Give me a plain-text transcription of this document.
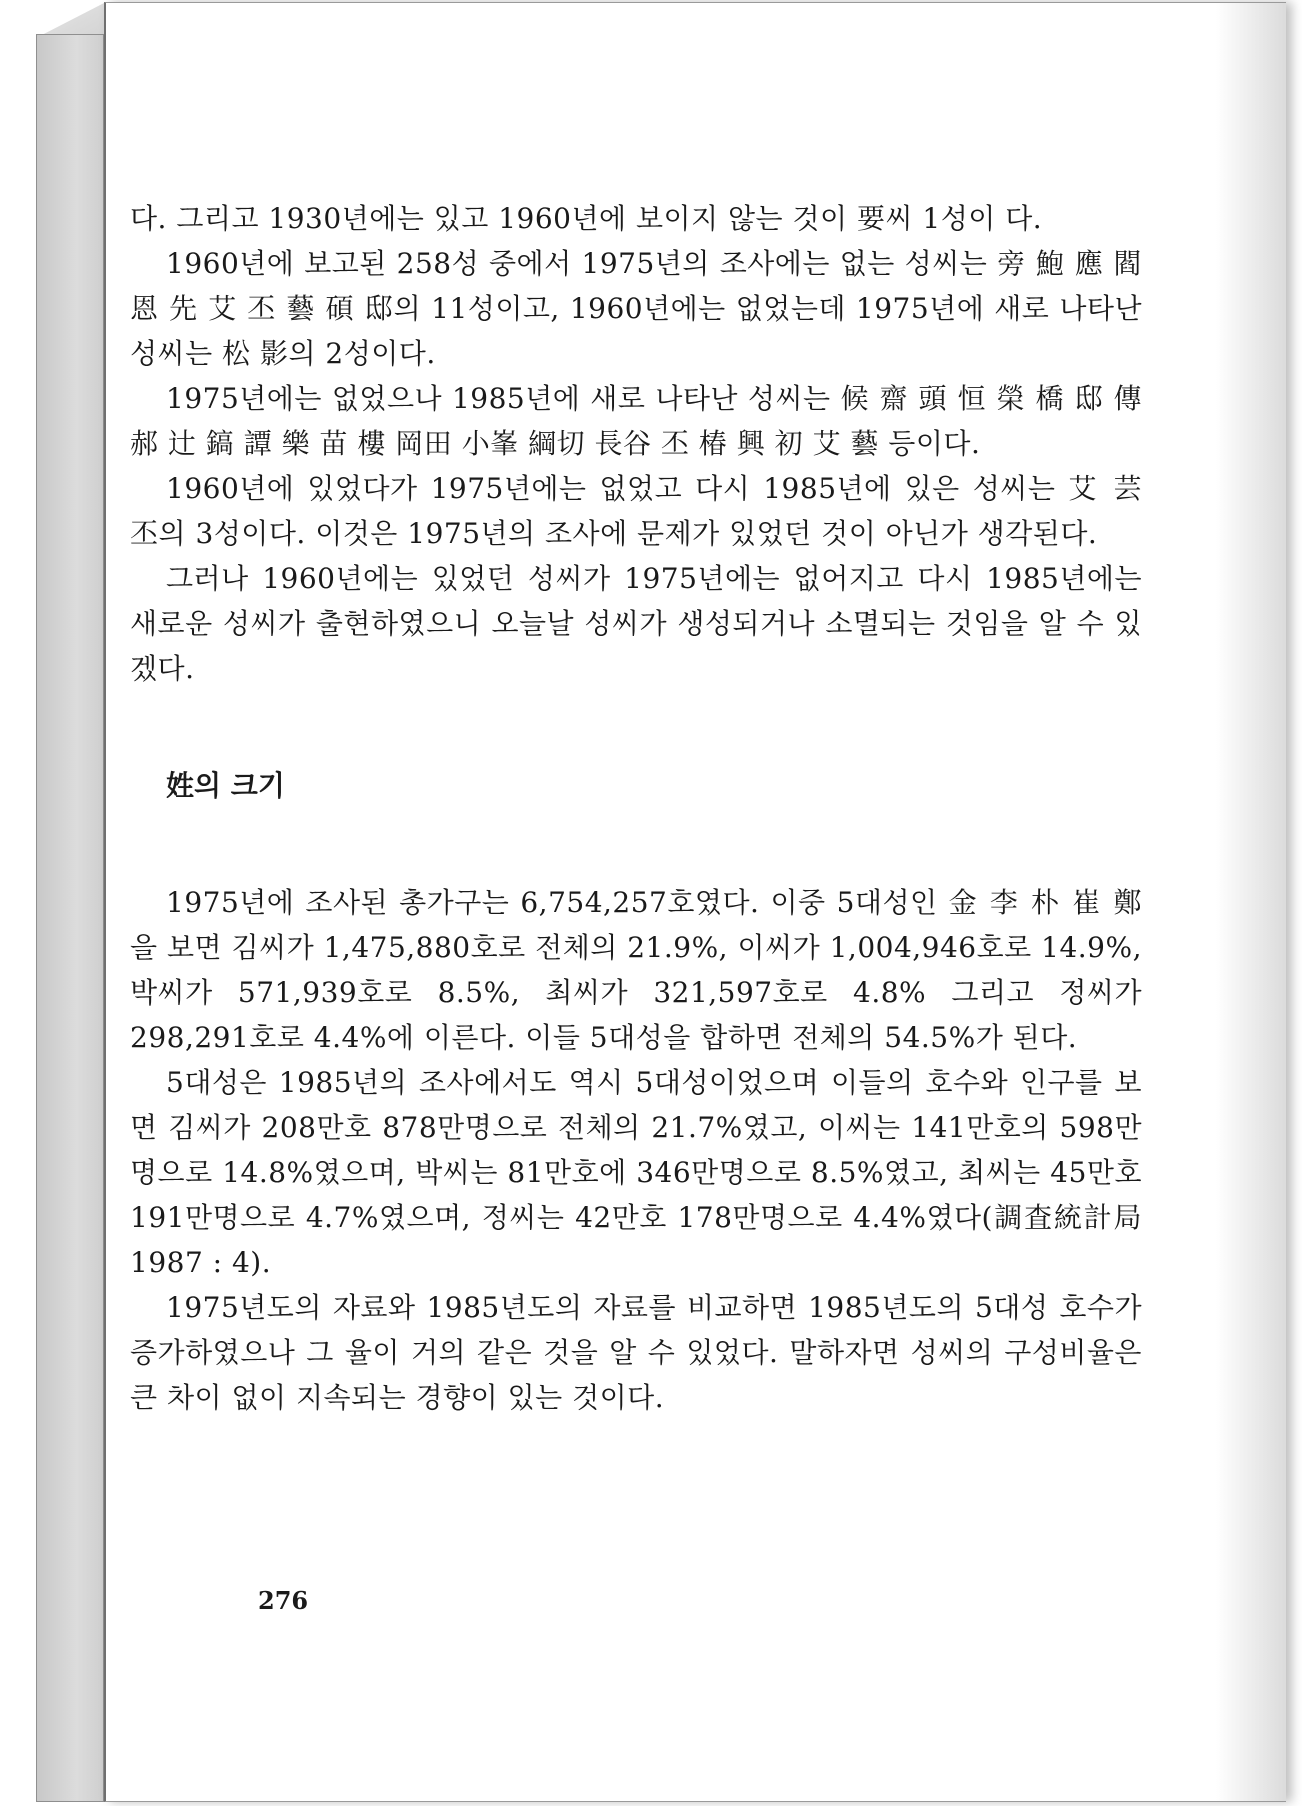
다. 그리고 1930년에는 있고 1960년에 보이지 않는 것이 要씨 1성이 다.

1960년에 보고된 258성 중에서 1975년의 조사에는 없는 성씨는 旁 鮑 應 閻 恩 先 艾 丕 藝 碩 邸의 11성이고, 1960년에는 없었는데 1975년에 새로 나타난 성씨는 松 影의 2성이다.

1975년에는 없었으나 1985년에 새로 나타난 성씨는 候 齋 頭 恒 榮 橋 邸 傳 郝 辻 鎬 譚 樂 苗 樓 岡田 小峯 綱切 長谷 丕 椿 興 初 艾 藝 등이다.

1960년에 있었다가 1975년에는 없었고 다시 1985년에 있은 성씨는 艾 芸 丕의 3성이다. 이것은 1975년의 조사에 문제가 있었던 것이 아닌가 생각된다.

그러나 1960년에는 있었던 성씨가 1975년에는 없어지고 다시 1985년에는 새로운 성씨가 출현하였으니 오늘날 성씨가 생성되거나 소멸되는 것임을 알 수 있겠다.

姓의 크기

1975년에 조사된 총가구는 6,754,257호였다. 이중 5대성인 金 李 朴 崔 鄭을 보면 김씨가 1,475,880호로 전체의 21.9%, 이씨가 1,004,946호로 14.9%, 박씨가 571,939호로 8.5%, 최씨가 321,597호로 4.8% 그리고 정씨가 298,291호로 4.4%에 이른다. 이들 5대성을 합하면 전체의 54.5%가 된다.

5대성은 1985년의 조사에서도 역시 5대성이었으며 이들의 호수와 인구를 보면 김씨가 208만호 878만명으로 전체의 21.7%였고, 이씨는 141만호의 598만명으로 14.8%였으며, 박씨는 81만호에 346만명으로 8.5%였고, 최씨는 45만호 191만명으로 4.7%였으며, 정씨는 42만호 178만명으로 4.4%였다(調査統計局 1987 : 4).

1975년도의 자료와 1985년도의 자료를 비교하면 1985년도의 5대성 호수가 증가하였으나 그 율이 거의 같은 것을 알 수 있었다. 말하자면 성씨의 구성비율은 큰 차이 없이 지속되는 경향이 있는 것이다.

276
